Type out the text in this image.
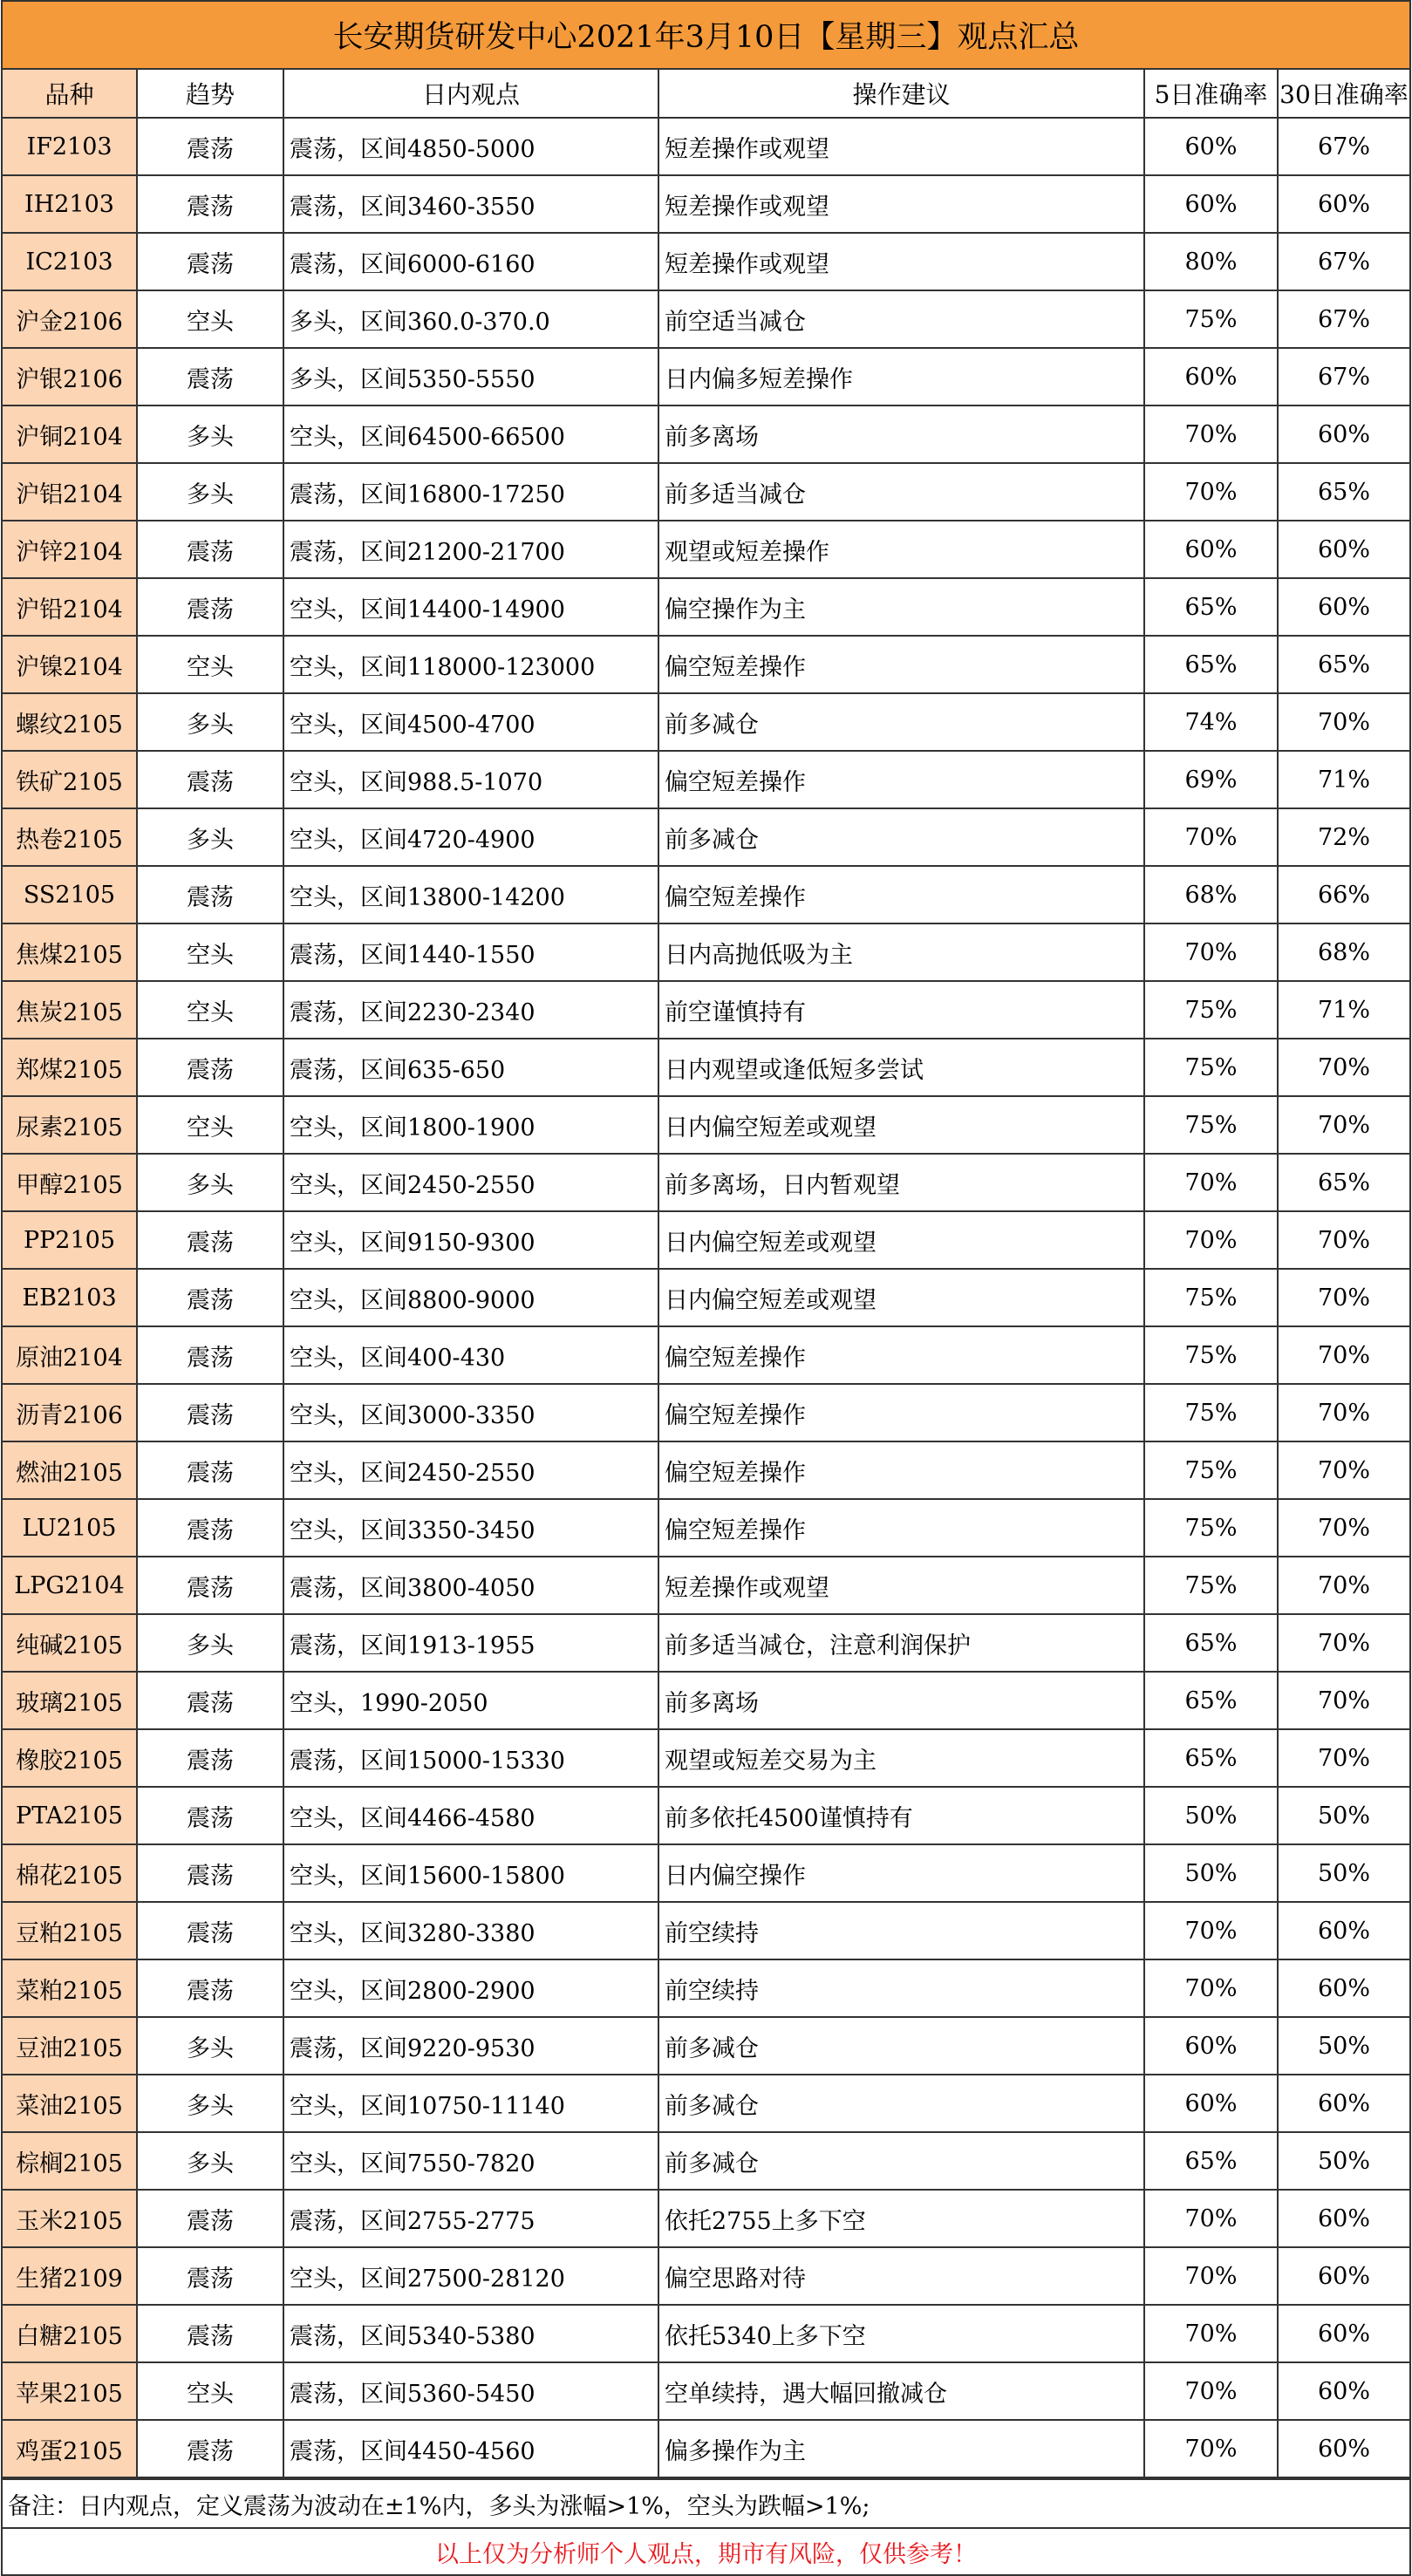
长安期货研发中心2021年3月10日【星期三】观点汇总
品种	趋势	日内观点	操作建议	5日准确率	30日准确率
IF2103	震荡	震荡，区间4850-5000	短差操作或观望	60%	67%
IH2103	震荡	震荡，区间3460-3550	短差操作或观望	60%	60%
IC2103	震荡	震荡，区间6000-6160	短差操作或观望	80%	67%
沪金2106	空头	多头，区间360.0-370.0	前空适当减仓	75%	67%
沪银2106	震荡	多头，区间5350-5550	日内偏多短差操作	60%	67%
沪铜2104	多头	空头，区间64500-66500	前多离场	70%	60%
沪铝2104	多头	震荡，区间16800-17250	前多适当减仓	70%	65%
沪锌2104	震荡	震荡，区间21200-21700	观望或短差操作	60%	60%
沪铅2104	震荡	空头，区间14400-14900	偏空操作为主	65%	60%
沪镍2104	空头	空头，区间118000-123000	偏空短差操作	65%	65%
螺纹2105	多头	空头，区间4500-4700	前多减仓	74%	70%
铁矿2105	震荡	空头，区间988.5-1070	偏空短差操作	69%	71%
热卷2105	多头	空头，区间4720-4900	前多减仓	70%	72%
SS2105	震荡	空头，区间13800-14200	偏空短差操作	68%	66%
焦煤2105	空头	震荡，区间1440-1550	日内高抛低吸为主	70%	68%
焦炭2105	空头	震荡，区间2230-2340	前空谨慎持有	75%	71%
郑煤2105	震荡	震荡，区间635-650	日内观望或逢低短多尝试	75%	70%
尿素2105	空头	空头，区间1800-1900	日内偏空短差或观望	75%	70%
甲醇2105	多头	空头，区间2450-2550	前多离场，日内暂观望	70%	65%
PP2105	震荡	空头，区间9150-9300	日内偏空短差或观望	70%	70%
EB2103	震荡	空头，区间8800-9000	日内偏空短差或观望	75%	70%
原油2104	震荡	空头，区间400-430	偏空短差操作	75%	70%
沥青2106	震荡	空头，区间3000-3350	偏空短差操作	75%	70%
燃油2105	震荡	空头，区间2450-2550	偏空短差操作	75%	70%
LU2105	震荡	空头，区间3350-3450	偏空短差操作	75%	70%
LPG2104	震荡	震荡，区间3800-4050	短差操作或观望	75%	70%
纯碱2105	多头	震荡，区间1913-1955	前多适当减仓，注意利润保护	65%	70%
玻璃2105	震荡	空头，1990-2050	前多离场	65%	70%
橡胶2105	震荡	震荡，区间15000-15330	观望或短差交易为主	65%	70%
PTA2105	震荡	空头，区间4466-4580	前多依托4500谨慎持有	50%	50%
棉花2105	震荡	空头，区间15600-15800	日内偏空操作	50%	50%
豆粕2105	震荡	空头，区间3280-3380	前空续持	70%	60%
菜粕2105	震荡	空头，区间2800-2900	前空续持	70%	60%
豆油2105	多头	震荡，区间9220-9530	前多减仓	60%	50%
菜油2105	多头	空头，区间10750-11140	前多减仓	60%	60%
棕榈2105	多头	空头，区间7550-7820	前多减仓	65%	50%
玉米2105	震荡	震荡，区间2755-2775	依托2755上多下空	70%	60%
生猪2109	震荡	空头，区间27500-28120	偏空思路对待	70%	60%
白糖2105	震荡	震荡，区间5340-5380	依托5340上多下空	70%	60%
苹果2105	空头	震荡，区间5360-5450	空单续持，遇大幅回撤减仓	70%	60%
鸡蛋2105	震荡	震荡，区间4450-4560	偏多操作为主	70%	60%
备注：日内观点，定义震荡为波动在±1%内，多头为涨幅>1%，空头为跌幅>1%;
以上仅为分析师个人观点，期市有风险，仅供参考！
